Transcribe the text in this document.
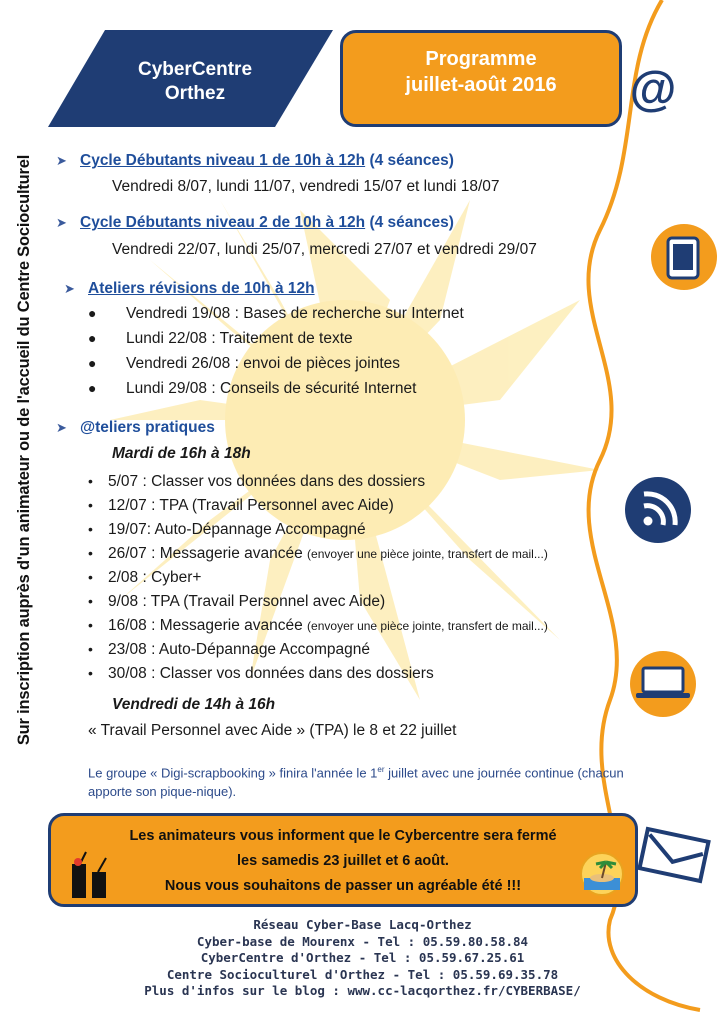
CyberCentre
Orthez
Programme
juillet-août 2016	@
Sur inscription auprès d'un animateur ou de l'accueil du Centre Socioculturel	➤ Cycle Débutants niveau 1 de 10h à 12h (4 séances)
Vendredi 8/07, lundi 11/07, vendredi 15/07 et lundi 18/07
➤ Cycle Débutants niveau 2 de 10h à 12h (4 séances)
Vendredi 22/07, lundi 25/07, mercredi 27/07 et vendredi 29/07
➤ Ateliers révisions de 10h à 12h
● Vendredi 19/08 : Bases de recherche sur Internet
● Lundi 22/08 : Traitement de texte
● Vendredi 26/08 : envoi de pièces jointes
● Lundi 29/08 : Conseils de sécurité Internet
➤ @teliers pratiques
Mardi de 16h à 18h
• 5/07 : Classer vos données dans des dossiers
• 12/07 : TPA (Travail Personnel avec Aide)
• 19/07: Auto-Dépannage Accompagné
• 26/07 : Messagerie avancée (envoyer une pièce jointe, transfert de mail...)
• 2/08 : Cyber+
• 9/08 : TPA (Travail Personnel avec Aide)
• 16/08 : Messagerie avancée (envoyer une pièce jointe, transfert de mail...)
• 23/08 : Auto-Dépannage Accompagné
• 30/08 : Classer vos données dans des dossiers
Vendredi de 14h à 16h
« Travail Personnel avec Aide » (TPA) le 8 et 22 juillet
Le groupe « Digi-scrapbooking » finira l'année le 1er juillet avec une journée continue (chacun apporte son pique-nique).
Les animateurs vous informent que le Cybercentre sera fermé
les samedis 23 juillet et 6 août.
Nous vous souhaitons de passer un agréable été !!!
Réseau Cyber-Base Lacq-Orthez
Cyber-base de Mourenx - Tel : 05.59.80.58.84
CyberCentre d'Orthez - Tel : 05.59.67.25.61
Centre Socioculturel d'Orthez - Tel : 05.59.69.35.78
Plus d'infos sur le blog : www.cc-lacqorthez.fr/CYBERBASE/
